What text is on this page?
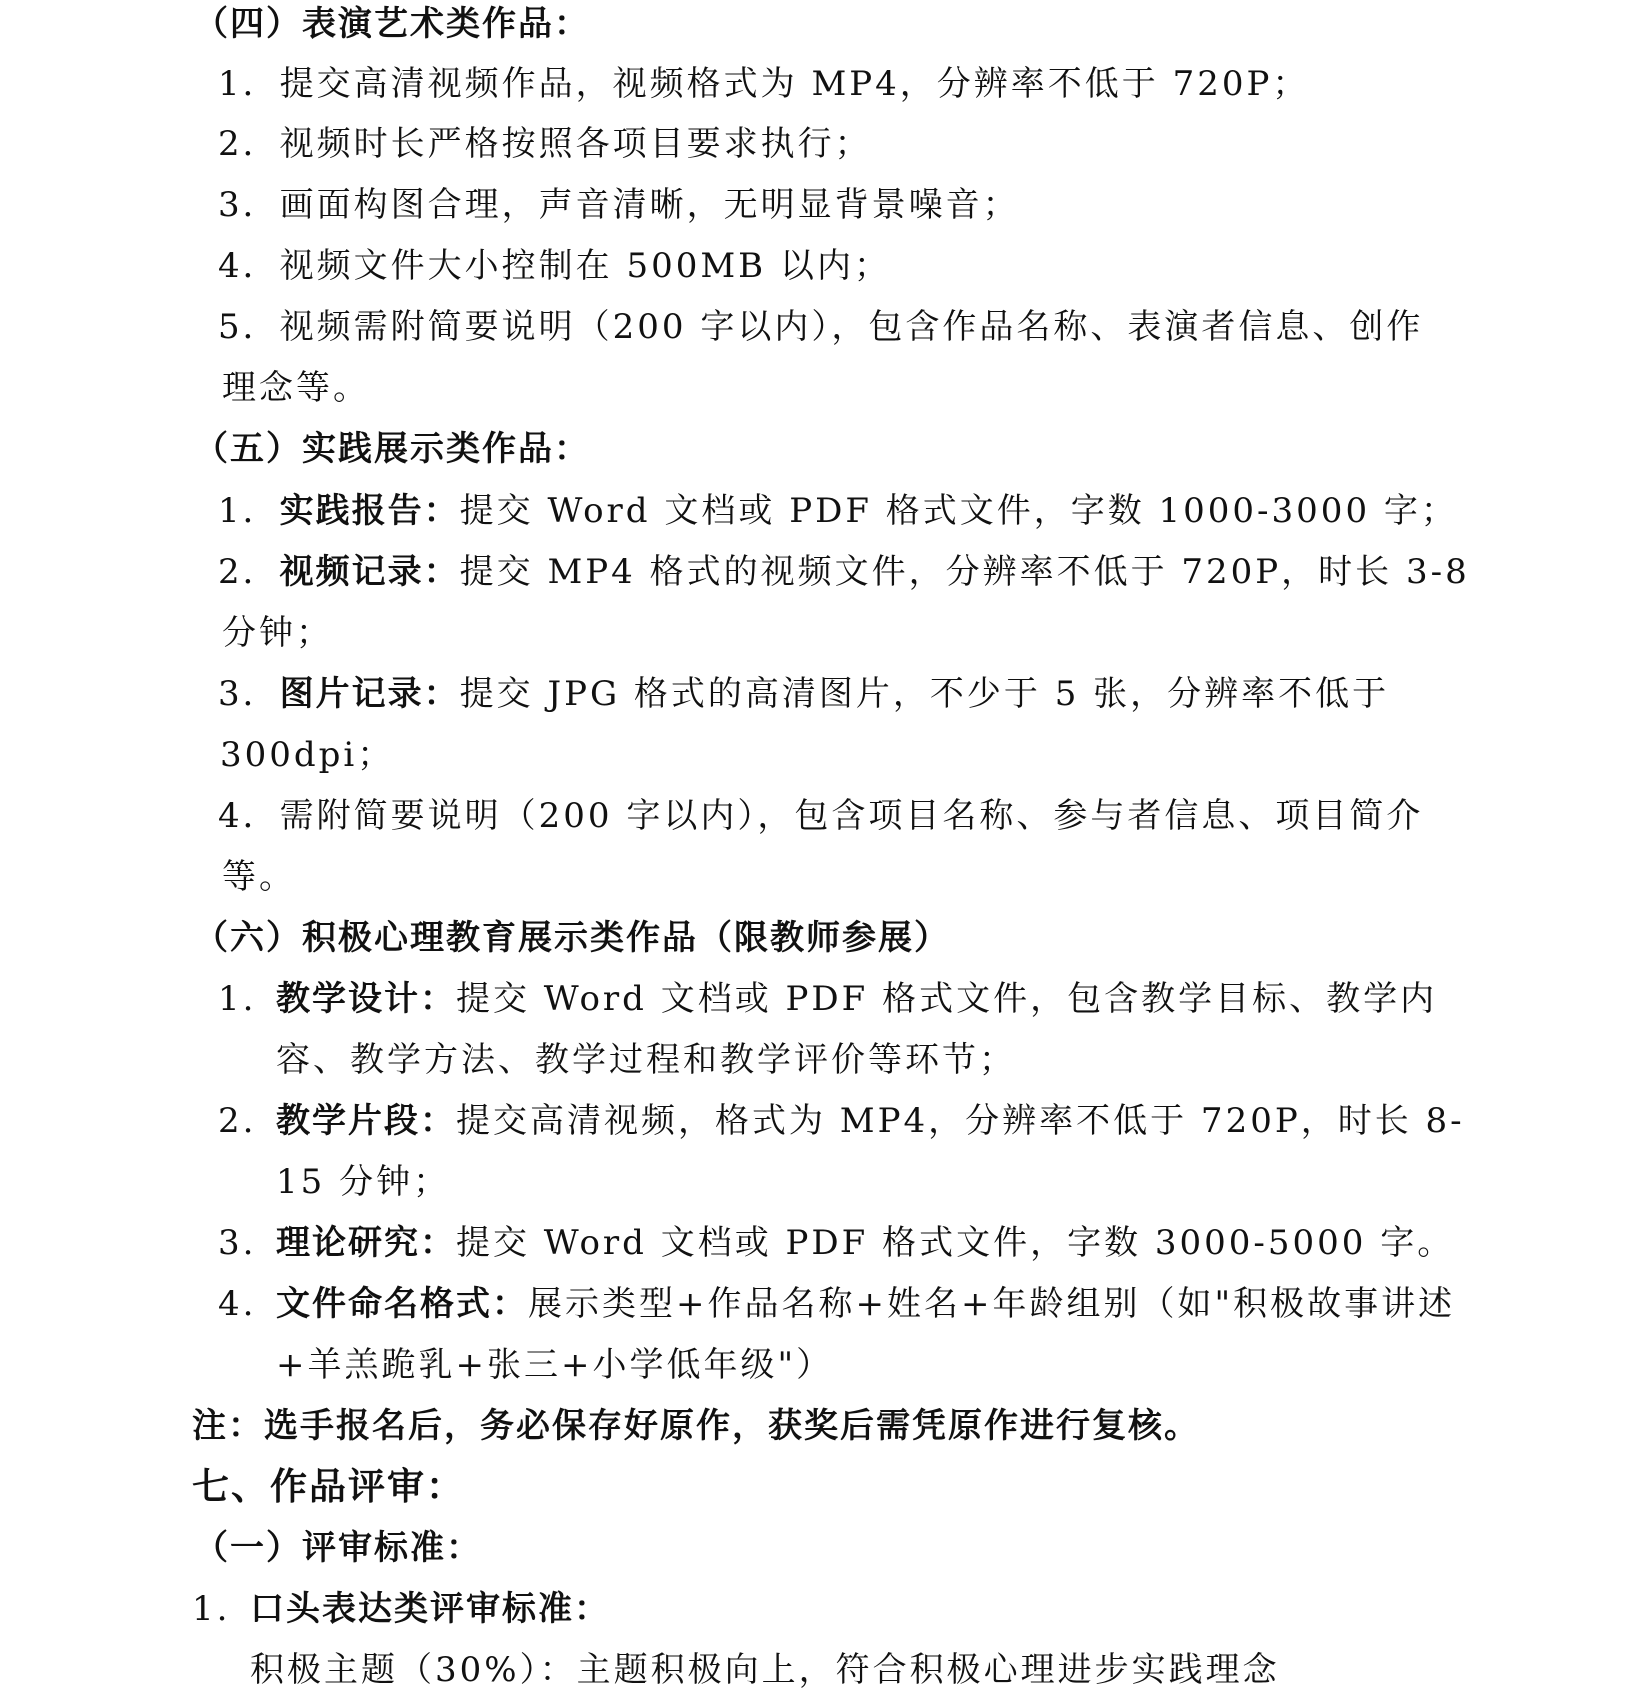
（四）表演艺术类作品：
1．提交高清视频作品，视频格式为 MP4，分辨率不低于 720P；
2．视频时长严格按照各项目要求执行；
3．画面构图合理，声音清晰，无明显背景噪音；
4．视频文件大小控制在 500MB 以内；
5．视频需附简要说明（200 字以内），包含作品名称、表演者信息、创作
理念等。
（五）实践展示类作品：
1．实践报告：提交 Word 文档或 PDF 格式文件，字数 1000-3000 字；
2．视频记录：提交 MP4 格式的视频文件，分辨率不低于 720P，时长 3-8
分钟；
3．图片记录：提交 JPG 格式的高清图片，不少于 5 张，分辨率不低于
300dpi；
4．需附简要说明（200 字以内），包含项目名称、参与者信息、项目简介
等。
（六）积极心理教育展示类作品（限教师参展）
1. 教学设计：提交 Word 文档或 PDF 格式文件，包含教学目标、教学内
容、教学方法、教学过程和教学评价等环节；
2. 教学片段：提交高清视频，格式为 MP4，分辨率不低于 720P，时长 8-
15 分钟；
3. 理论研究：提交 Word 文档或 PDF 格式文件，字数 3000-5000 字。
4. 文件命名格式：展示类型+作品名称+姓名+年龄组别（如"积极故事讲述
+羊羔跪乳+张三+小学低年级"）
注：选手报名后，务必保存好原作，获奖后需凭原作进行复核。
七、作品评审：
（一）评审标准：
1. 口头表达类评审标准：
积极主题（30%）：主题积极向上，符合积极心理进步实践理念
